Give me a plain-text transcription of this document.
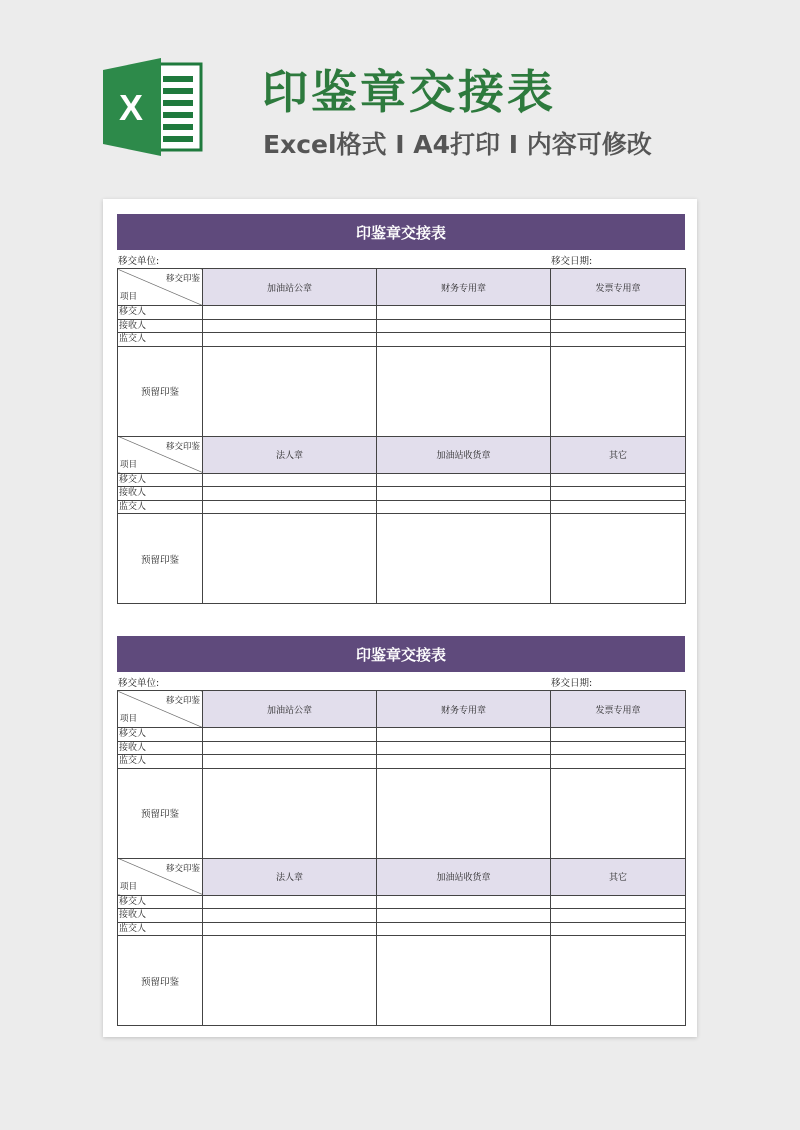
X	印鉴章交接表
Excel格式 I A4打印 I 内容可修改
印鉴章交接表
移交单位:	移交日期:
移交印鉴
项目	加油站公章	财务专用章	发票专用章
移交人			
接收人			
监交人			
预留印鉴			

移交印鉴
项目	法人章	加油站收货章	其它
移交人			
接收人			
监交人			
预留印鉴			
印鉴章交接表
移交单位:	移交日期:
移交印鉴
项目	加油站公章	财务专用章	发票专用章
移交人			
接收人			
监交人			
预留印鉴			

移交印鉴
项目	法人章	加油站收货章	其它
移交人			
接收人			
监交人			
预留印鉴			
